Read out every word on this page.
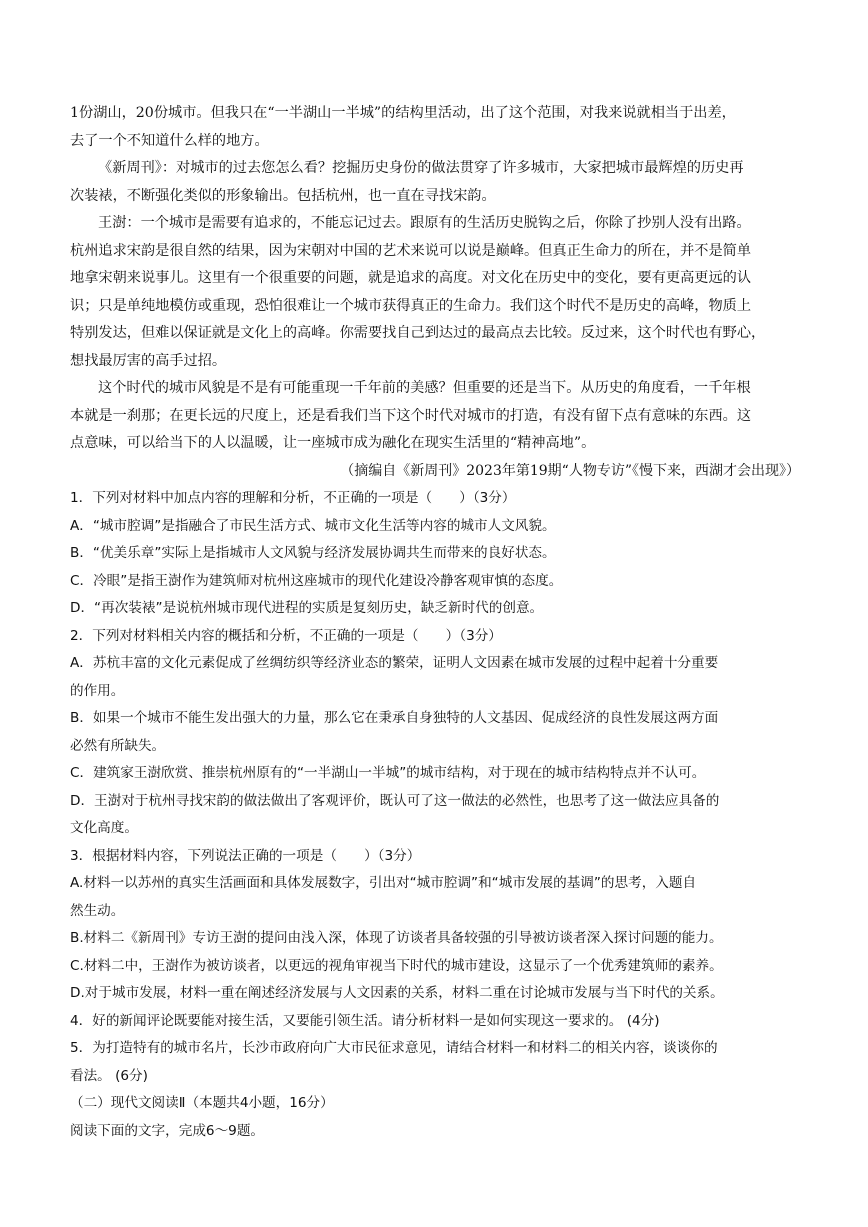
1份湖山，20份城市。但我只在“一半湖山一半城”的结构里活动，出了这个范围，对我来说就相当于出差，
去了一个不知道什么样的地方。
《新周刊》：对城市的过去您怎么看？挖掘历史身份的做法贯穿了许多城市，大家把城市最辉煌的历史再
次装裱，不断强化类似的形象输出。包括杭州，也一直在寻找宋韵。
王澍：一个城市是需要有追求的，不能忘记过去。跟原有的生活历史脱钩之后，你除了抄别人没有出路。
杭州追求宋韵是很自然的结果，因为宋朝对中国的艺术来说可以说是巅峰。但真正生命力的所在，并不是简单
地拿宋朝来说事儿。这里有一个很重要的问题，就是追求的高度。对文化在历史中的变化，要有更高更远的认
识；只是单纯地模仿或重现，恐怕很难让一个城市获得真正的生命力。我们这个时代不是历史的高峰，物质上
特别发达，但难以保证就是文化上的高峰。你需要找自己到达过的最高点去比较。反过来，这个时代也有野心，
想找最厉害的高手过招。
这个时代的城市风貌是不是有可能重现一千年前的美感？但重要的还是当下。从历史的角度看，一千年根
本就是一刹那；在更长远的尺度上，还是看我们当下这个时代对城市的打造，有没有留下点有意味的东西。这
点意味，可以给当下的人以温暖，让一座城市成为融化在现实生活里的“精神高地”。
（摘编自《新周刊》2023年第19期“人物专访”《慢下来，西湖才会出现》）
1．下列对材料中加点内容的理解和分析，不正确的一项是（　　）（3分）
A．“城市腔调”是指融合了市民生活方式、城市文化生活等内容的城市人文风貌。
B．“优美乐章”实际上是指城市人文风貌与经济发展协调共生而带来的良好状态。
C．冷眼”是指王澍作为建筑师对杭州这座城市的现代化建设冷静客观审慎的态度。
D．“再次装裱”是说杭州城市现代进程的实质是复刻历史，缺乏新时代的创意。
2．下列对材料相关内容的概括和分析，不正确的一项是（　　）（3分）
A．苏杭丰富的文化元素促成了丝绸纺织等经济业态的繁荣，证明人文因素在城市发展的过程中起着十分重要
的作用。
B．如果一个城市不能生发出强大的力量，那么它在秉承自身独特的人文基因、促成经济的良性发展这两方面
必然有所缺失。
C．建筑家王澍欣赏、推崇杭州原有的“一半湖山一半城”的城市结构，对于现在的城市结构特点并不认可。
D．王澍对于杭州寻找宋韵的做法做出了客观评价，既认可了这一做法的必然性，也思考了这一做法应具备的
文化高度。
3．根据材料内容，下列说法正确的一项是（　　）（3分）
A.材料一以苏州的真实生活画面和具体发展数字，引出对“城市腔调”和“城市发展的基调”的思考，入题自
然生动。
B.材料二《新周刊》专访王澍的提问由浅入深，体现了访谈者具备较强的引导被访谈者深入探讨问题的能力。
C.材料二中，王澍作为被访谈者，以更远的视角审视当下时代的城市建设，这显示了一个优秀建筑师的素养。
D.对于城市发展，材料一重在阐述经济发展与人文因素的关系，材料二重在讨论城市发展与当下时代的关系。
4．好的新闻评论既要能对接生活，又要能引领生活。请分析材料一是如何实现这一要求的。 (4分)
5．为打造特有的城市名片，长沙市政府向广大市民征求意见，请结合材料一和材料二的相关内容，谈谈你的
看法。 (6分)
（二）现代文阅读Ⅱ（本题共4小题，16分）
阅读下面的文字，完成6～9题。
